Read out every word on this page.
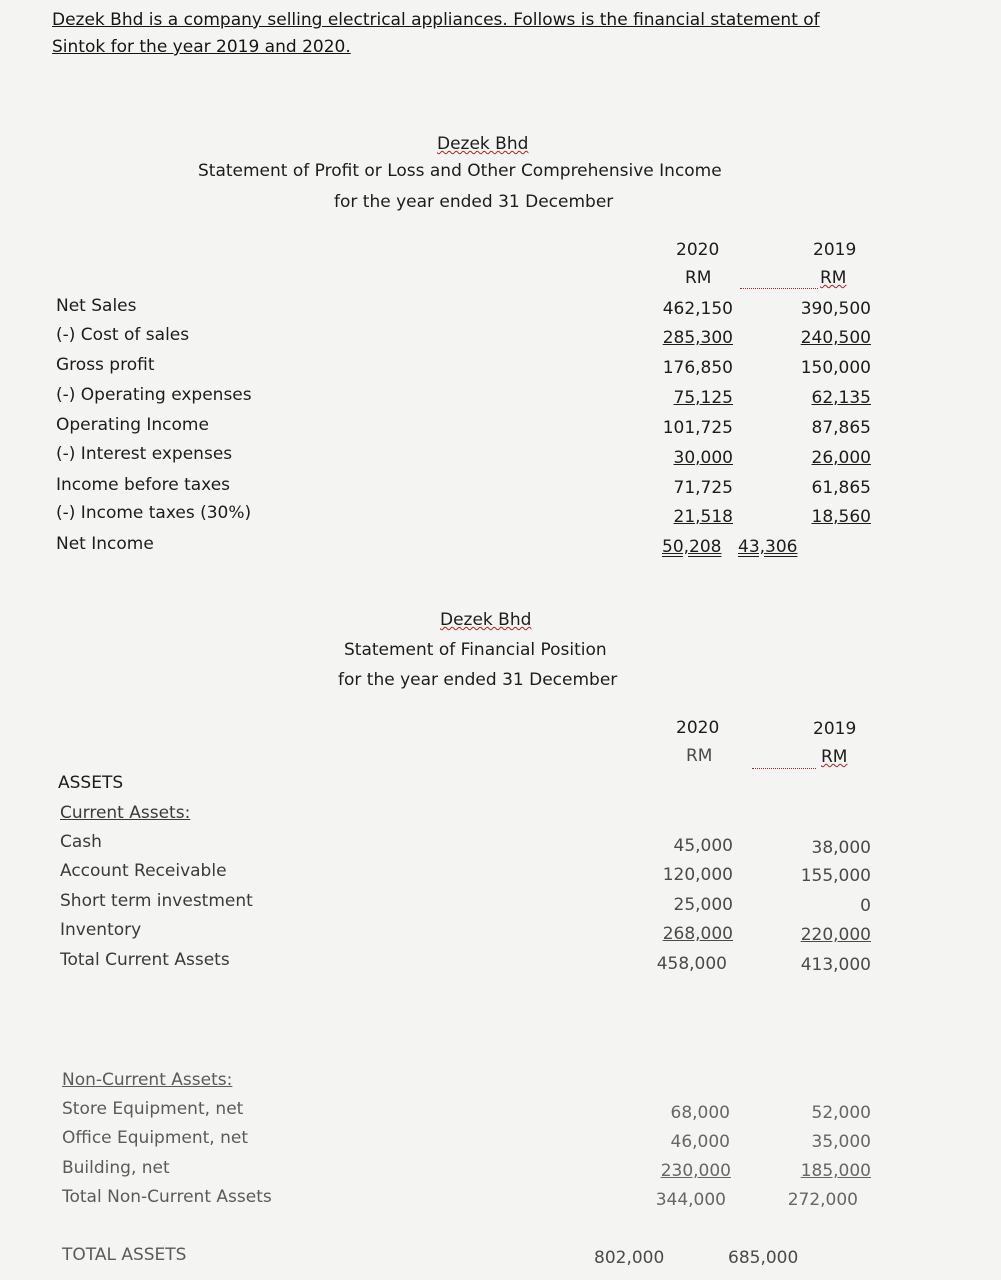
Dezek Bhd is a company selling electrical appliances. Follows is the financial statement of
Sintok for the year 2019 and 2020.
Dezek Bhd
Statement of Profit or Loss and Other Comprehensive Income
for the year ended 31 December
2020	2019
RM	RM
Net Sales	462,150	390,500
(-) Cost of sales	285,300	240,500
Gross profit	176,850	150,000
(-) Operating expenses	75,125	62,135
Operating Income	101,725	87,865
(-) Interest expenses	30,000	26,000
Income before taxes	71,725	61,865
(-) Income taxes (30%)	21,518	18,560
Net Income	50,208 43,306
Dezek Bhd
Statement of Financial Position
for the year ended 31 December
2020	2019
RM	RM
ASSETS
Current Assets:
Cash	45,000	38,000
Account Receivable	120,000	155,000
Short term investment	25,000	0
Inventory	268,000	220,000
Total Current Assets	458,000	413,000
Non-Current Assets:
Store Equipment, net	68,000	52,000
Office Equipment, net	46,000	35,000
Building, net	230,000	185,000
Total Non-Current Assets	344,000	272,000
TOTAL ASSETS	802,000	685,000
